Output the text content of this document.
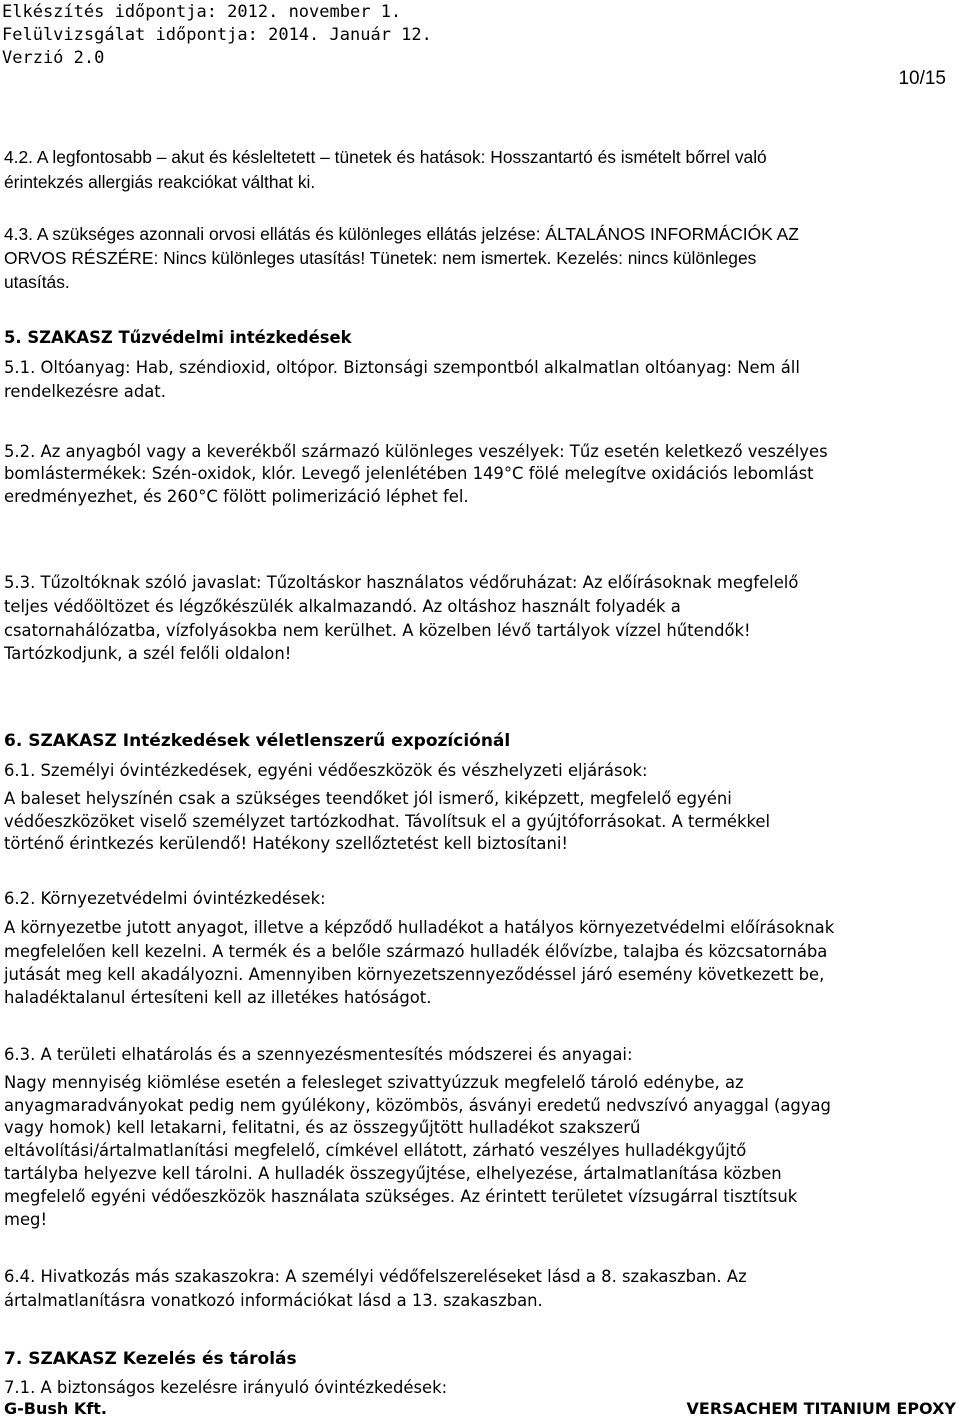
Elkészítés időpontja: 2012. november 1.
Felülvizsgálat időpontja: 2014. Január 12.
Verzió 2.0
10/15
4.2. A legfontosabb – akut és késleltetett – tünetek és hatások: Hosszantartó és ismételt bőrrel való
érintekzés allergiás reakciókat válthat ki.
4.3. A szükséges azonnali orvosi ellátás és különleges ellátás jelzése: ÁLTALÁNOS INFORMÁCIÓK AZ
ORVOS RÉSZÉRE: Nincs különleges utasítás! Tünetek: nem ismertek. Kezelés: nincs különleges
utasítás.
5. SZAKASZ Tűzvédelmi intézkedések
5.1. Oltóanyag: Hab, széndioxid, oltópor. Biztonsági szempontból alkalmatlan oltóanyag: Nem áll
rendelkezésre adat.
5.2. Az anyagból vagy a keverékből származó különleges veszélyek: Tűz esetén keletkező veszélyes
bomlástermékek: Szén-oxidok, klór. Levegő jelenlétében 149°C fölé melegítve oxidációs lebomlást
eredményezhet, és 260°C fölött polimerizáció léphet fel.
5.3. Tűzoltóknak szóló javaslat: Tűzoltáskor használatos védőruházat: Az előírásoknak megfelelő
teljes védőöltözet és légzőkészülék alkalmazandó. Az oltáshoz használt folyadék a
csatornahálózatba, vízfolyásokba nem kerülhet. A közelben lévő tartályok vízzel hűtendők!
Tartózkodjunk, a szél felőli oldalon!
6. SZAKASZ Intézkedések véletlenszerű expozíciónál
6.1. Személyi óvintézkedések, egyéni védőeszközök és vészhelyzeti eljárások:
A baleset helyszínén csak a szükséges teendőket jól ismerő, kiképzett, megfelelő egyéni
védőeszközöket viselő személyzet tartózkodhat. Távolítsuk el a gyújtóforrásokat. A termékkel
történő érintkezés kerülendő! Hatékony szellőztetést kell biztosítani!
6.2. Környezetvédelmi óvintézkedések:
A környezetbe jutott anyagot, illetve a képződő hulladékot a hatályos környezetvédelmi előírásoknak
megfelelően kell kezelni. A termék és a belőle származó hulladék élővízbe, talajba és közcsatornába
jutását meg kell akadályozni. Amennyiben környezetszennyeződéssel járó esemény következett be,
haladéktalanul értesíteni kell az illetékes hatóságot.
6.3. A területi elhatárolás és a szennyezésmentesítés módszerei és anyagai:
Nagy mennyiség kiömlése esetén a felesleget szivattyúzzuk megfelelő tároló edénybe, az
anyagmaradványokat pedig nem gyúlékony, közömbös, ásványi eredetű nedvszívó anyaggal (agyag
vagy homok) kell letakarni, felitatni, és az összegyűjtött hulladékot szakszerű
eltávolítási/ártalmatlanítási megfelelő, címkével ellátott, zárható veszélyes hulladékgyűjtő
tartályba helyezve kell tárolni. A hulladék összegyűjtése, elhelyezése, ártalmatlanítása közben
megfelelő egyéni védőeszközök használata szükséges. Az érintett területet vízsugárral tisztítsuk
meg!
6.4. Hivatkozás más szakaszokra: A személyi védőfelszereléseket lásd a 8. szakaszban. Az
ártalmatlanításra vonatkozó információkat lásd a 13. szakaszban.
7. SZAKASZ Kezelés és tárolás
7.1. A biztonságos kezelésre irányuló óvintézkedések:
G-Bush Kft.	VERSACHEM TITANIUM EPOXY
